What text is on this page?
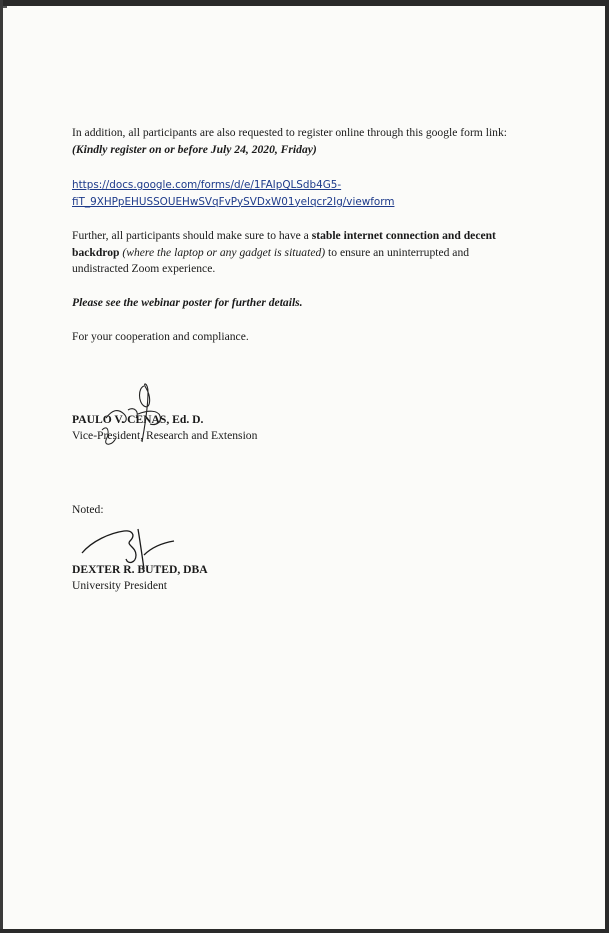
In addition, all participants are also requested to register online through this google form link: (Kindly register on or before July 24, 2020, Friday)
https://docs.google.com/forms/d/e/1FAIpQLSdb4G5-
fiT_9XHPpEHUSSOUEHwSVqFvPySVDxW01yelqcr2Ig/viewform
Further, all participants should make sure to have a stable internet connection and decent backdrop (where the laptop or any gadget is situated) to ensure an uninterrupted and undistracted Zoom experience.
Please see the webinar poster for further details.
For your cooperation and compliance.
PAULO V. CENAS, Ed. D.
Vice-President, Research and Extension
Noted:
DEXTER R. BUTED, DBA
University President
